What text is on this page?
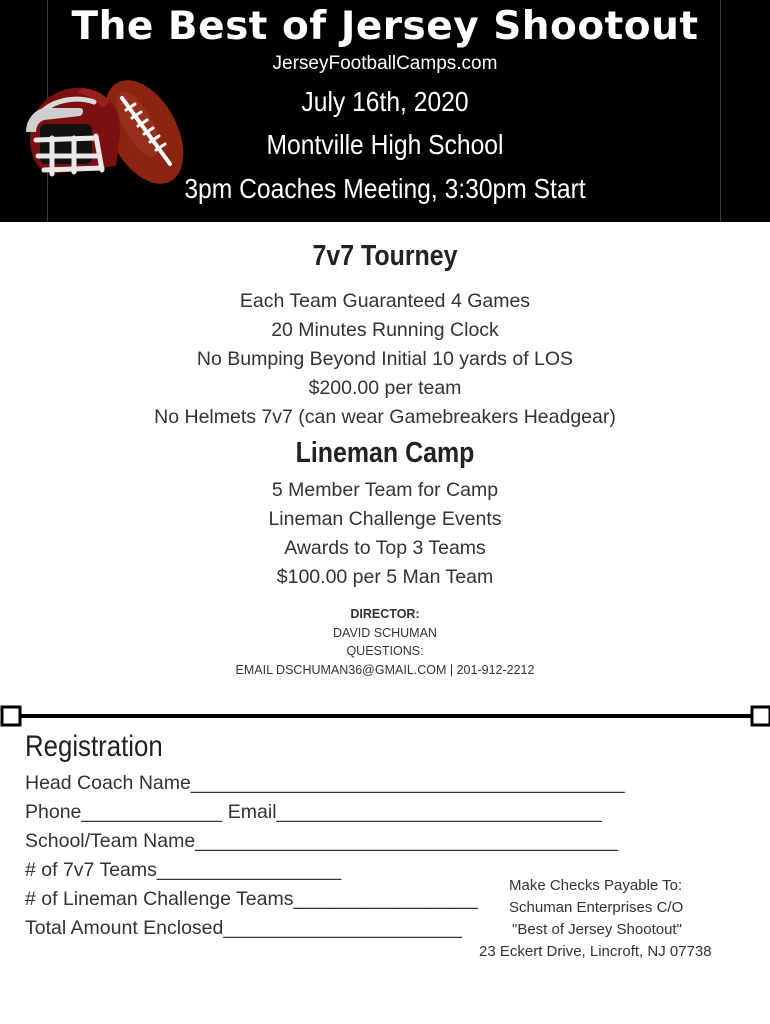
The Best of Jersey Shootout
JerseyFootballCamps.com
July 16th, 2020
Montville High School
3pm Coaches Meeting, 3:30pm Start
7v7 Tourney
Each Team Guaranteed 4 Games
20 Minutes Running Clock
No Bumping Beyond Initial 10 yards of LOS
$200.00 per team
No Helmets 7v7 (can wear Gamebreakers Headgear)
Lineman Camp
5 Member Team for Camp
Lineman Challenge Events
Awards to Top 3 Teams
$100.00 per 5 Man Team
DIRECTOR:
DAVID SCHUMAN
QUESTIONS:
EMAIL DSCHUMAN36@GMAIL.COM | 201-912-2212
Registration
Head Coach Name________________________________________
Phone_____________ Email______________________________
School/Team Name_______________________________________
# of 7v7 Teams_________________
# of Lineman Challenge Teams_________________
Total Amount Enclosed______________________
Make Checks Payable To:
Schuman Enterprises C/O
"Best of Jersey Shootout"
23 Eckert Drive, Lincroft, NJ 07738
